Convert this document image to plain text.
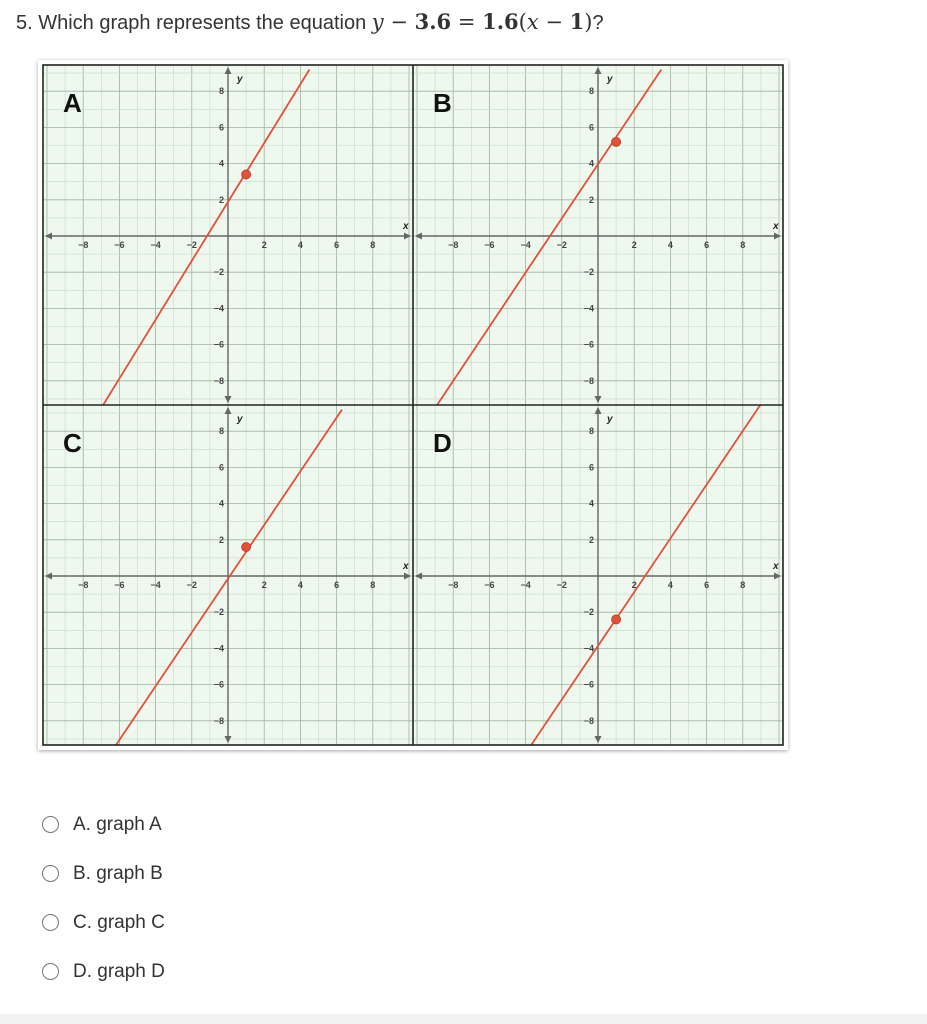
5. Which graph represents the equation y − 3.6 = 1.6(x − 1)?
−8	−6	−4	−2	2	4	6	8
8
6
4
2
−2
−4
−6
−8
x
y
A
−8	−6	−4	−2	2	4	6	8
8
6
4
2
−2
−4
−6
−8
x
y
B
−8	−6	−4	−2	2	4	6	8
8
6
4
2
−2
−4
−6
−8
x
y
C
−8	−6	−4	−2	2	4	6	8
8
6
4
2
−2
−4
−6
−8
x
y
D
A. graph A
B. graph B
C. graph C
D. graph D
